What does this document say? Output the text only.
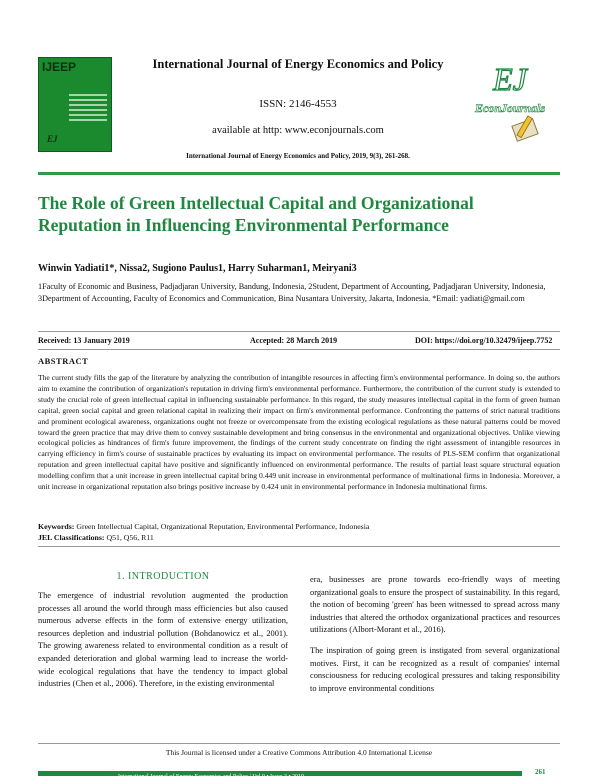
IJEEP
EJ
International Journal of Energy Economics and Policy
ISSN: 2146-4553
available at http: www.econjournals.com
International Journal of Energy Economics and Policy, 2019, 9(3), 261-268.
EJ
EconJournals
The Role of Green Intellectual Capital and Organizational Reputation in Influencing Environmental Performance
Winwin Yadiati1*, Nissa2, Sugiono Paulus1, Harry Suharman1, Meiryani3
1Faculty of Economic and Business, Padjadjaran University, Bandung, Indonesia, 2Student, Department of Accounting, Padjadjaran University, Indonesia, 3Department of Accounting, Faculty of Economics and Communication, Bina Nusantara University, Jakarta, Indonesia. *Email: yadiati@gmail.com
Received: 13 January 2019	Accepted: 28 March 2019	DOI: https://doi.org/10.32479/ijeep.7752
ABSTRACT
The current study fills the gap of the literature by analyzing the contribution of intangible resources in affecting firm's environmental performance. In doing so, the authors aim to examine the contribution of organization's reputation in driving firm's environmental performance. Furthermore, the contribution of the current study is extended to study the crucial role of green intellectual capital in influencing sustainable performance. In this regard, the study measures intellectual capital in the form of green human capital, green social capital and green relational capital in realizing their impact on firm's environmental performance. Confronting the patterns of strict natural traditions and prominent ecological awareness, organizations ought not freeze or overcompensate from the existing ecological regulations as these natural patterns could be moved toward the green practice that may drive them to convey sustainable development and bring consensus in the environmental and organizational objectives. Unlike viewing ecological policies as hindrances of firm's future improvement, the findings of the current study concentrate on finding the right assessment of intangible resources in carrying efficiency in firm's course of sustainable practices by evaluating its impact on environmental performance. The results of PLS-SEM confirm that organizational reputation and green intellectual capital have positive and significantly influenced on environmental performance. The results of partial least square structural equation modelling confirm that a unit increase in green intellectual capital bring 0.449 unit increase in environmental performance of multinational firms in Indonesia. Moreover, a unit increase in organizational reputation also brings positive increase by 0.424 unit in environmental performance in Indonesia multinational firms.
Keywords: Green Intellectual Capital, Organizational Reputation, Environmental Performance, Indonesia
JEL Classifications: Q51, Q56, R11
1. INTRODUCTION

The emergence of industrial revolution augmented the production processes all around the world through mass efficiencies but also caused numerous adverse effects in the form of extensive energy utilization, resources depletion and industrial pollution (Bohdanowicz et al., 2001). The growing awareness related to environmental condition as a result of expanded deterioration and global warming lead to increase the world-wide ecological regulations that have the tendency to impact global industries (Chen et al., 2006). Therefore, in the existing environmental

era, businesses are prone towards eco-friendly ways of meeting organizational goals to ensure the prospect of sustainability. In this regard, the notion of becoming 'green' has been witnessed to spread across many industries that altered the orthodox organizational practices and resources utilizations (Albort-Morant et al., 2016).

The inspiration of going green is instigated from several organizational motives. First, it can be recognized as a result of companies' internal consciousness for reducing ecological pressures and taking responsibility to improve environmental conditions

This Journal is licensed under a Creative Commons Attribution 4.0 International License
International Journal of Energy Economics and Policy | Vol 9 • Issue 3 • 2019
261
